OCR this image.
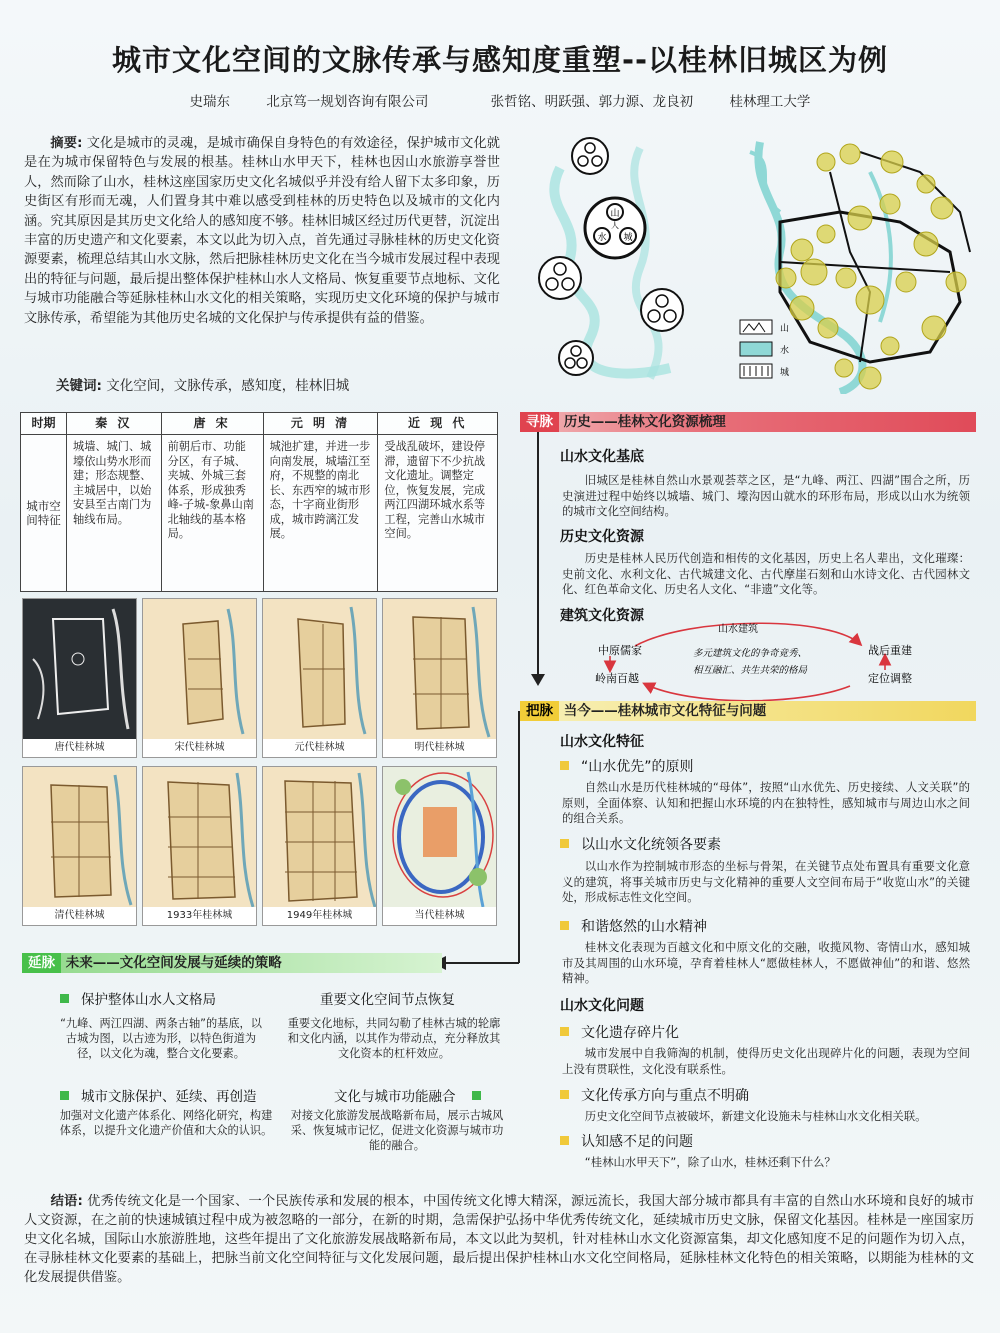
城市文化空间的文脉传承与感知度重塑--以桂林旧城区为例
史瑞东	北京笃一规划咨询有限公司	张哲铭、明跃强、郭力源、龙良初	桂林理工大学
摘要: 文化是城市的灵魂，是城市确保自身特色的有效途径，保护城市文化就是在为城市保留特色与发展的根基。桂林山水甲天下，桂林也因山水旅游享誉世人，然而除了山水，桂林这座国家历史文化名城似乎并没有给人留下太多印象，历史街区有形而无魂，人们置身其中难以感受到桂林的历史特色以及城市的文化内涵。究其原因是其历史文化给人的感知度不够。桂林旧城区经过历代更替，沉淀出丰富的历史遗产和文化要素，本文以此为切入点，首先通过寻脉桂林的历史文化资源要素，梳理总结其山水文脉，然后把脉桂林历史文化在当今城市发展过程中表现出的特征与问题，最后提出整体保护桂林山水人文格局、恢复重要节点地标、文化与城市功能融合等延脉桂林山水文化的相关策略，实现历史文化环境的保护与城市文脉传承，希望能为其他历史名城的文化保护与传承提供有益的借鉴。
关键词: 文化空间，文脉传承，感知度，桂林旧城
山
人
水 城
山
水
城
时期	秦 汉	唐 宋	元 明 清	近 现 代
城市空间特征	城墙、城门、城壕依山势水形而建；形态规整、主城居中，以始安县至古南门为轴线布局。	前朝后市、功能分区，有子城、夹城、外城三套体系，形成独秀峰-子城-象鼻山南北轴线的基本格局。	城池扩建，并进一步向南发展，城墙江至府，不规整的南北长、东西窄的城市形态，十字商业街形成，城市跨漓江发展。	受战乱破坏，建设停滞，遗留下不少抗战文化遗址。调整定位，恢复发展，完成两江四湖环城水系等工程，完善山水城市空间。
唐代桂林城	宋代桂林城	元代桂林城	明代桂林城
清代桂林城	1933年桂林城	1949年桂林城	当代桂林城
寻脉 历史——桂林文化资源梳理
山水文化基底
旧城区是桂林自然山水景观荟萃之区，是“九峰、两江、四湖”围合之所，历史演进过程中始终以城墙、城门、壕沟因山就水的环形布局，形成以山水为统领的城市文化空间结构。
历史文化资源
历史是桂林人民历代创造和相传的文化基因，历史上名人辈出，文化璀璨：史前文化、水利文化、古代城建文化、古代摩崖石刻和山水诗文化、古代园林文化、红色革命文化、历史名人文化、“非遗”文化等。
建筑文化资源
山水建筑
中原儒家
岭南百越
战后重建
定位调整
多元建筑文化的争奇竞秀、
相互融汇、共生共荣的格局
把脉 当今——桂林城市文化特征与问题
山水文化特征
“山水优先”的原则
自然山水是历代桂林城的“母体”，按照“山水优先、历史接续、人文关联”的原则，全面体察、认知和把握山水环境的内在独特性，感知城市与周边山水之间的组合关系。
以山水文化统领各要素
以山水作为控制城市形态的坐标与骨架，在关键节点处布置具有重要文化意义的建筑，将事关城市历史与文化精神的重要人文空间布局于“收览山水”的关键处，形成标志性文化空间。
和谐悠然的山水精神
桂林文化表现为百越文化和中原文化的交融，收揽风物、寄情山水，感知城市及其周围的山水环境，孕育着桂林人“愿做桂林人，不愿做神仙”的和谐、悠然精神。
山水文化问题
文化遗存碎片化
城市发展中自我筛淘的机制，使得历史文化出现碎片化的问题，表现为空间上没有贯联性，文化没有联系性。
文化传承方向与重点不明确
历史文化空间节点被破坏，新建文化设施未与桂林山水文化相关联。
认知感不足的问题
“桂林山水甲天下”，除了山水，桂林还剩下什么？
延脉 未来——文化空间发展与延续的策略
保护整体山水人文格局
“九峰、两江四湖、两条古轴”的基底，以古城为图，以古迹为形，以特色街道为径，以文化为魂，整合文化要素。
重要文化空间节点恢复
重要文化地标，共同勾勒了桂林古城的轮廓和文化内涵，以其作为带动点，充分释放其文化资本的杠杆效应。
城市文脉保护、延续、再创造
加强对文化遗产体系化、网络化研究，构建体系，以提升文化遗产价值和大众的认识。
文化与城市功能融合
对接文化旅游发展战略新布局，展示古城风采、恢复城市记忆，促进文化资源与城市功能的融合。
结语: 优秀传统文化是一个国家、一个民族传承和发展的根本，中国传统文化博大精深，源远流长，我国大部分城市都具有丰富的自然山水环境和良好的城市人文资源，在之前的快速城镇过程中成为被忽略的一部分，在新的时期，急需保护弘扬中华优秀传统文化，延续城市历史文脉，保留文化基因。桂林是一座国家历史文化名城，国际山水旅游胜地，这些年提出了文化旅游发展战略新布局，本文以此为契机，针对桂林山水文化资源富集，却文化感知度不足的问题作为切入点，在寻脉桂林文化要素的基础上，把脉当前文化空间特征与文化发展问题，最后提出保护桂林山水文化空间格局，延脉桂林文化特色的相关策略，以期能为桂林的文化发展提供借鉴。
